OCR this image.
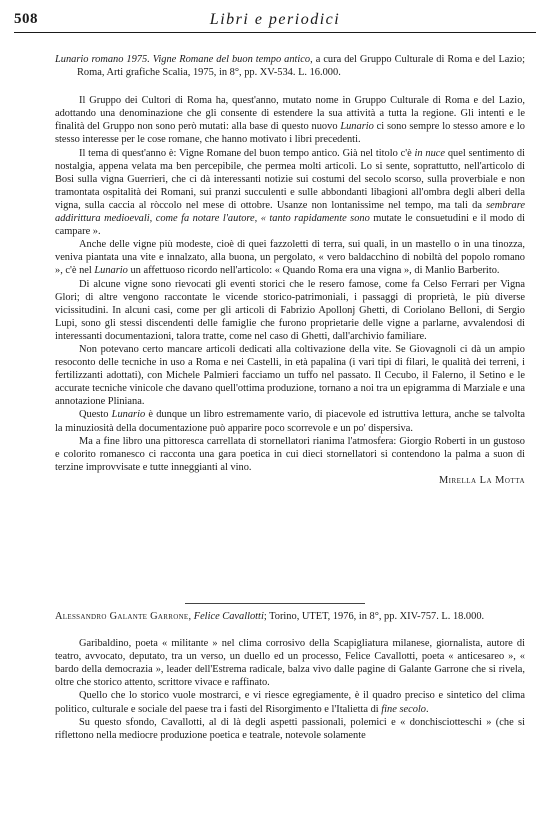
508	Libri e periodici

Lunario romano 1975. Vigne Romane del buon tempo antico, a cura del Gruppo Culturale di Roma e del Lazio; Roma, Arti grafiche Scalia, 1975, in 8°, pp. XV-534. L. 16.000.

Il Gruppo dei Cultori di Roma ha, quest'anno, mutato nome in Gruppo Culturale di Roma e del Lazio, adottando una denominazione che gli consente di estendere la sua attività a tutta la regione. Gli intenti e le finalità del Gruppo non sono però mutati: alla base di questo nuovo Lunario ci sono sempre lo stesso amore e lo stesso interesse per le cose romane, che hanno motivato i libri precedenti.

Il tema di quest'anno è: Vigne Romane del buon tempo antico. Già nel titolo c'è in nuce quel sentimento di nostalgia, appena velata ma ben percepibile, che permea molti articoli. Lo si sente, soprattutto, nell'articolo di Bosi sulla vigna Guerrieri, che ci dà interessanti notizie sui costumi del secolo scorso, sulla proverbiale e non tramontata ospitalità dei Romani, sui pranzi succulenti e sulle abbondanti libagioni all'ombra degli alberi della vigna, sulla caccia al ròccolo nel mese di ottobre. Usanze non lontanissime nel tempo, ma tali da sembrare addirittura medioevali, come fa notare l'autore, « tanto rapidamente sono mutate le consuetudini e il modo di campare ».

Anche delle vigne più modeste, cioè di quei fazzoletti di terra, sui quali, in un mastello o in una tinozza, veniva piantata una vite e innalzato, alla buona, un pergolato, « vero baldacchino di nobiltà del popolo romano », c'è nel Lunario un affettuoso ricordo nell'articolo: « Quando Roma era una vigna », di Manlio Barberito.

Di alcune vigne sono rievocati gli eventi storici che le resero famose, come fa Celso Ferrari per Vigna Glori; di altre vengono raccontate le vicende storico-patrimoniali, i passaggi di proprietà, le più diverse vicissitudini. In alcuni casi, come per gli articoli di Fabrizio Apollonj Ghetti, di Coriolano Belloni, di Sergio Lupi, sono gli stessi discendenti delle famiglie che furono proprietarie delle vigne a parlarne, avvalendosi di interessanti documentazioni, talora tratte, come nel caso di Ghetti, dall'archivio familiare.

Non potevano certo mancare articoli dedicati alla coltivazione della vite. Se Giovagnoli ci dà un ampio resoconto delle tecniche in uso a Roma e nei Castelli, in età papalina (i vari tipi di filari, le qualità dei terreni, i fertilizzanti adottati), con Michele Palmieri facciamo un tuffo nel passato. Il Cecubo, il Falerno, il Setino e le accurate tecniche vinicole che davano quell'ottima produzione, tornano a noi tra un epigramma di Marziale e una annotazione Pliniana.

Questo Lunario è dunque un libro estremamente vario, di piacevole ed istruttiva lettura, anche se talvolta la minuziosità della documentazione può apparire poco scorrevole e un po' dispersiva.

Ma a fine libro una pittoresca carrellata di stornellatori rianima l'atmosfera: Giorgio Roberti in un gustoso e colorito romanesco ci racconta una gara poetica in cui dieci stornellatori si contendono la palma a suon di terzine improvvisate e tutte inneggianti al vino.

Mirella La Motta

Alessandro Galante Garrone, Felice Cavallotti; Torino, UTET, 1976, in 8°, pp. XIV-757. L. 18.000.

Garibaldino, poeta « militante » nel clima corrosivo della Scapigliatura milanese, giornalista, autore di teatro, avvocato, deputato, tra un verso, un duello ed un processo, Felice Cavallotti, poeta « anticesareo », « bardo della democrazia », leader dell'Estrema radicale, balza vivo dalle pagine di Galante Garrone che si rivela, oltre che storico attento, scrittore vivace e raffinato.

Quello che lo storico vuole mostrarci, e vi riesce egregiamente, è il quadro preciso e sintetico del clima politico, culturale e sociale del paese tra i fasti del Risorgimento e l'Italietta di fine secolo.

Su questo sfondo, Cavallotti, al di là degli aspetti passionali, polemici e « donchisciotteschi » (che si riflettono nella mediocre produzione poetica e teatrale, notevole solamente
